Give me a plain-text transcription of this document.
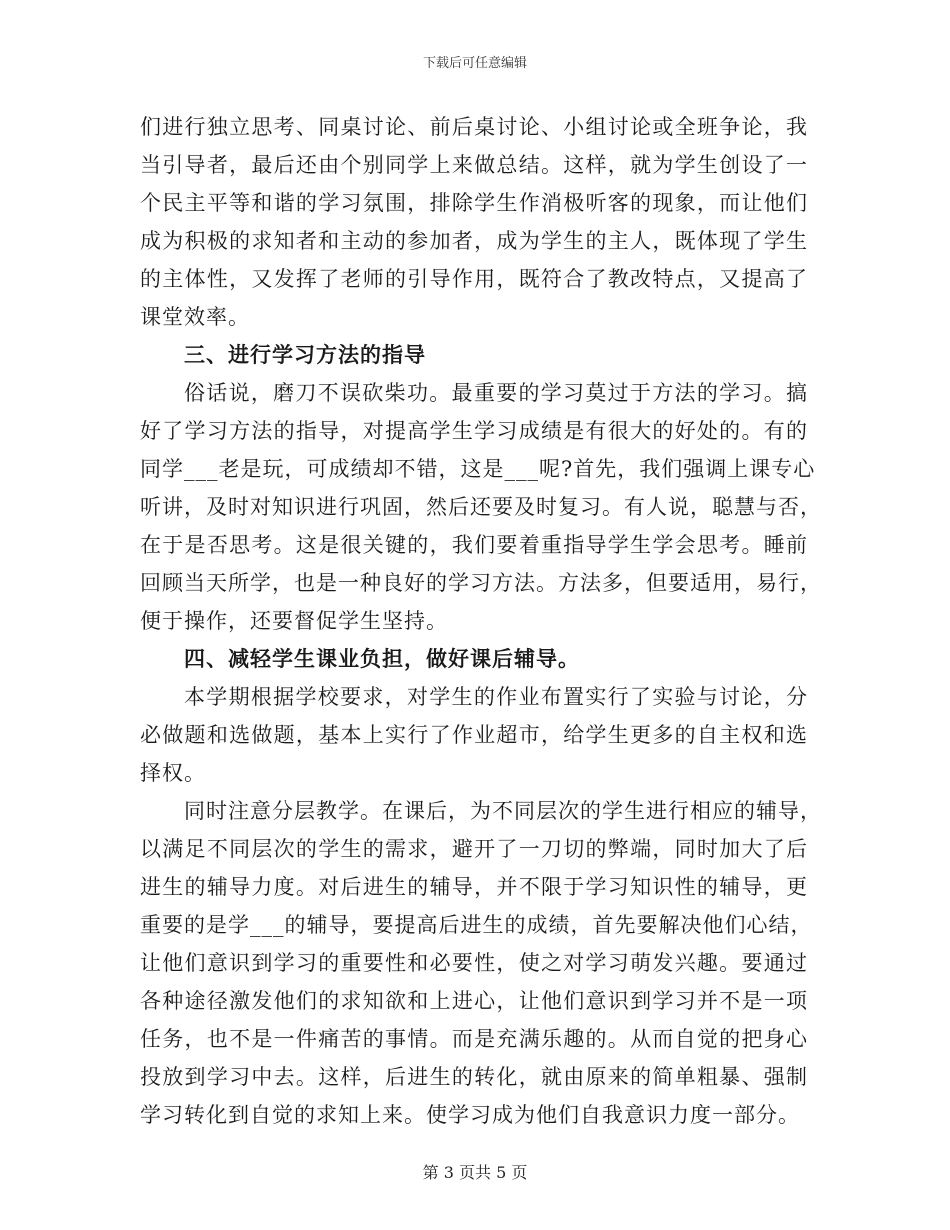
下载后可任意编辑
们进行独立思考、同桌讨论、前后桌讨论、小组讨论或全班争论，我
当引导者，最后还由个别同学上来做总结。这样，就为学生创设了一
个民主平等和谐的学习氛围，排除学生作消极听客的现象，而让他们
成为积极的求知者和主动的参加者，成为学生的主人，既体现了学生
的主体性，又发挥了老师的引导作用，既符合了教改特点，又提高了
课堂效率。
三、进行学习方法的指导
俗话说，磨刀不误砍柴功。最重要的学习莫过于方法的学习。搞
好了学习方法的指导，对提高学生学习成绩是有很大的好处的。有的
同学___老是玩，可成绩却不错，这是___呢?首先，我们强调上课专心
听讲，及时对知识进行巩固，然后还要及时复习。有人说，聪慧与否，
在于是否思考。这是很关键的，我们要着重指导学生学会思考。睡前
回顾当天所学，也是一种良好的学习方法。方法多，但要适用，易行，
便于操作，还要督促学生坚持。
四、减轻学生课业负担，做好课后辅导。
本学期根据学校要求，对学生的作业布置实行了实验与讨论，分
必做题和选做题，基本上实行了作业超市，给学生更多的自主权和选
择权。
同时注意分层教学。在课后，为不同层次的学生进行相应的辅导，
以满足不同层次的学生的需求，避开了一刀切的弊端，同时加大了后
进生的辅导力度。对后进生的辅导，并不限于学习知识性的辅导，更
重要的是学___的辅导，要提高后进生的成绩，首先要解决他们心结，
让他们意识到学习的重要性和必要性，使之对学习萌发兴趣。要通过
各种途径激发他们的求知欲和上进心，让他们意识到学习并不是一项
任务，也不是一件痛苦的事情。而是充满乐趣的。从而自觉的把身心
投放到学习中去。这样，后进生的转化，就由原来的简单粗暴、强制
学习转化到自觉的求知上来。使学习成为他们自我意识力度一部分。
第 3 页共 5 页
